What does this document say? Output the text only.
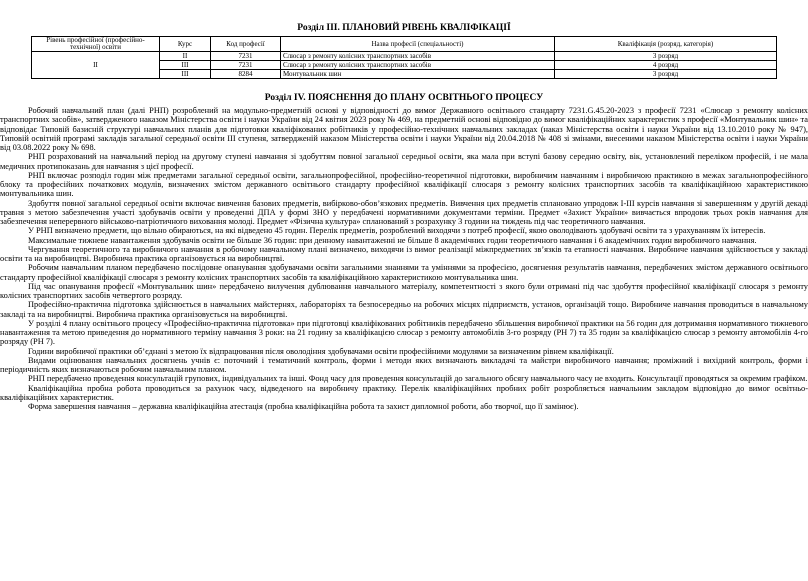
Розділ ІІІ. ПЛАНОВИЙ РІВЕНЬ КВАЛІФІКАЦІЇ
Рівень професійної (професійно-технічної) освіти	Курс	Код професії	Назва професії (спеціальності)	Кваліфікація (розряд, категорія)
ІІ	ІІ	7231	Слюсар з ремонту колісних транспортних засобів	3 розряд
	ІІІ	7231	Слюсар з ремонту колісних транспортних засобів	4 розряд
	ІІІ	8284	Монтувальник шин	3 розряд
Розділ ІV. ПОЯСНЕННЯ ДО ПЛАНУ ОСВІТНЬОГО ПРОЦЕСУ

Робочий навчальний план (далі РНП) розроблений на модульно-предметній основі у відповідності до вимог Державного освітнього стандарту 7231.G.45.20-2023 з професії 7231 «Слюсар з ремонту колісних транспортних засобів», затвердженого наказом Міністерства освіти і науки України від 24 квітня 2023 року № 469, на предметній основі відповідно до вимог кваліфікаційних характеристик з професії «Монтувальник шин» та відповідає Типовій базисній структурі навчальних планів для підготовки кваліфікованих робітників у професійно-технічних навчальних закладах (наказ Міністерства освіти і науки України від 13.10.2010 року № 947), Типовій освітній програмі закладів загальної середньої освіти ІІІ ступеня, затвердженій наказом Міністерства освіти і науки України від 20.04.2018 № 408 зі змінами, внесеними наказом Міністерства освіти і науки України від 03.08.2022 року № 698.

РНП розрахований на навчальний період на другому ступені навчання зі здобуттям повної загальної середньої освіти, яка мала при вступі базову середню освіту, вік, установлений переліком професій, і не мала медичних протипоказань для навчання з цієї професії.

РНП включає розподіл годин між предметами загальної середньої освіти, загальнопрофесійної, професійно-теоретичної підготовки, виробничим навчанням і виробничою практикою в межах загальнопрофесійного блоку та професійних початкових модулів, визначених змістом державного освітнього стандарту професійної кваліфікації слюсаря з ремонту колісних транспортних засобів та кваліфікаційною характеристикою монтувальника шин.

Здобуття повної загальної середньої освіти включає вивчення базових предметів, вибірково-обов’язкових предметів. Вивчення цих предметів сплановано упродовж І-ІІІ курсів навчання зі завершенням у другій декаді травня з метою забезпечення участі здобувачів освіти у проведенні ДПА у формі ЗНО у передбачені нормативними документами терміни. Предмет «Захист України» вивчається впродовж трьох років навчання для забезпечення неперервного військово-патріотичного виховання молоді. Предмет «Фізична культура» спланований з розрахунку 3 години на тиждень під час теоретичного навчання.

У РНП визначено предмети, що вільно обираються, на які відведено 45 годин. Перелік предметів, розроблений виходячи з потреб професії, якою оволодівають здобувачі освіти та з урахуванням їх інтересів.

Максимальне тижневе навантаження здобувачів освіти не більше 36 годин: при денному навантаженні не більше 8 академічних годин теоретичного навчання і 6 академічних годин виробничого навчання.

Чергування теоретичного та виробничого навчання в робочому навчальному плані визначено, виходячи із вимог реалізації міжпредметних зв’язків та етапності навчання. Виробниче навчання здійснюється у закладі освіти та на виробництві. Виробнича практика організовується на виробництві.

Робочим навчальним планом передбачено послідовне опанування здобувачами освіти загальними знаннями та уміннями за професією, досягнення результатів навчання, передбачених змістом державного освітнього стандарту професійної кваліфікації слюсаря з ремонту колісних транспортних засобів та кваліфікаційною характеристикою монтувальника шин.

Під час опанування професії «Монтувальник шин» передбачено вилучення дублювання навчального матеріалу, компетентності з якого були отримані під час здобуття професійної кваліфікації слюсаря з ремонту колісних транспортних засобів четвертого розряду.

Професійно-практична підготовка здійснюється в навчальних майстернях, лабораторіях та безпосередньо на робочих місцях підприємств, установ, організацій тощо. Виробниче навчання проводиться в навчальному закладі та на виробництві. Виробнича практика організовується на виробництві.

У розділі 4 плану освітнього процесу «Професійно-практична підготовка» при підготовці кваліфікованих робітників передбачено збільшення виробничої практики на 56 годин для дотримання нормативного тижневого навантаження та метою приведення до нормативного терміну навчання 3 роки: на 21 годину за кваліфікацією слюсар з ремонту автомобілів 3-го розряду (РН 7) та 35 годин за кваліфікацією слюсар з ремонту автомобілів 4-го розряду (РН 7).

Години виробничої практики об’єднані з метою їх відпрацювання після оволодіння здобувачами освіти професійними модулями за визначеним рівнем кваліфікації.

Видами оцінювання навчальних досягнень учнів є: поточний і тематичний контроль, форми і методи яких визначають викладачі та майстри виробничого навчання; проміжний і вихідний контроль, форми і періодичність яких визначаються робочим навчальним планом.

РНП передбачено проведення консультацій групових, індивідуальних та інші. Фонд часу для проведення консультацій до загального обсягу навчального часу не входить. Консультації проводяться за окремим графіком.

Кваліфікаційна пробна робота проводиться за рахунок часу, відведеного на виробничу практику. Перелік кваліфікаційних пробних робіт розробляється навчальним закладом відповідно до вимог освітньо-кваліфікаційних характеристик.

Форма завершення навчання – державна кваліфікаційна атестація (пробна кваліфікаційна робота та захист дипломної роботи, або творчої, що її замінює).
